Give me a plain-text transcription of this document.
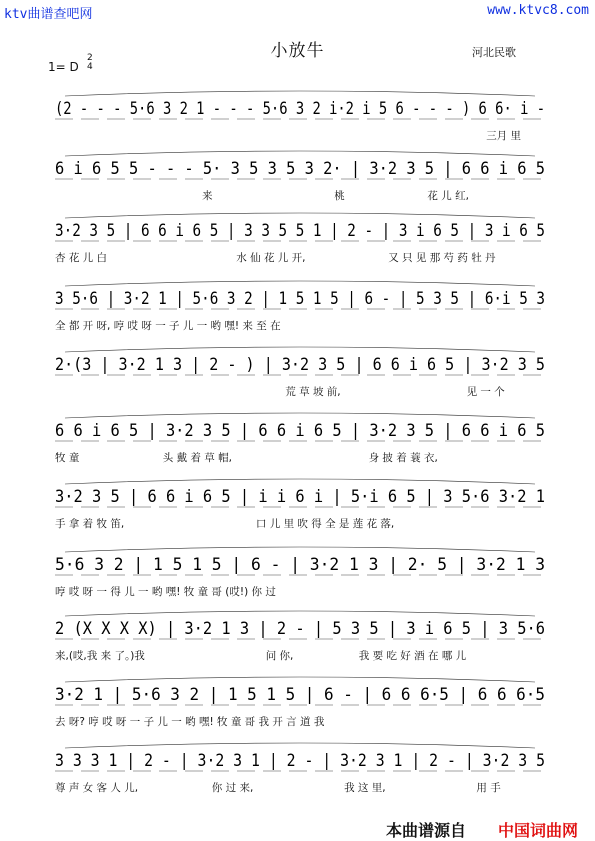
ktv曲谱查吧网	www.ktvc8.com
小放牛	河北民歌
1= D
2
4
(2 - - - 5·6 3 2 1 - - - 5·6 3 2 i·2 i 5 6 - - - ) 6 6· i -
三月 里
6 i 6 5 5 - - - 5· 3 5 3 5 3 2· | 3·2 3 5 | 6 6 i 6 5
来	桃	花 儿 红,
3·2 3 5 | 6 6 i 6 5 | 3 3 5 5 1 | 2 - | 3 i 6 5 | 3 i 6 5
杏 花 儿 白	水 仙 花 儿 开,	又 只 见 那 芍 药 牡 丹
3 5·6 | 3·2 1 | 5·6 3 2 | 1 5 1 5 | 6 - | 5 3 5 | 6·i 5 3
全 都 开 呀, 哼 哎 呀 一 子 儿 一 哟 嘿! 来 至 在
2·(3 | 3·2 1 3 | 2 - ) | 3·2 3 5 | 6 6 i 6 5 | 3·2 3 5
荒 草 坡 前,	见 一 个
6 6 i 6 5 | 3·2 3 5 | 6 6 i 6 5 | 3·2 3 5 | 6 6 i 6 5
牧 童	头 戴 着 草 帽,	身 披 着 蓑 衣,
3·2 3 5 | 6 6 i 6 5 | i i 6 i | 5·i 6 5 | 3 5·6 3·2 1
手 拿 着 牧 笛,	口 儿 里 吹 得 全 是 莲 花 落,
5·6 3 2 | 1 5 1 5 | 6 - | 3·2 1 3 | 2· 5 | 3·2 1 3
哼 哎 呀 一 得 儿 一 哟 嘿! 牧 童 哥 (哎!) 你 过
2 (X X X X) | 3·2 1 3 | 2 - | 5 3 5 | 3 i 6 5 | 3 5·6
来,(哎,我 来 了。)我	问 你,	我 要 吃 好 酒 在 哪 儿
3·2 1 | 5·6 3 2 | 1 5 1 5 | 6 - | 6 6 6·5 | 6 6 6·5
去 呀? 哼 哎 呀 一 子 儿 一 哟 嘿! 牧 童 哥 我 开 言 道 我
3 3 3 1 | 2 - | 3·2 3 1 | 2 - | 3·2 3 1 | 2 - | 3·2 3 5
尊 声 女 客 人 儿,	你 过 来,	我 这 里,	用 手
本曲谱源自 中国词曲网
